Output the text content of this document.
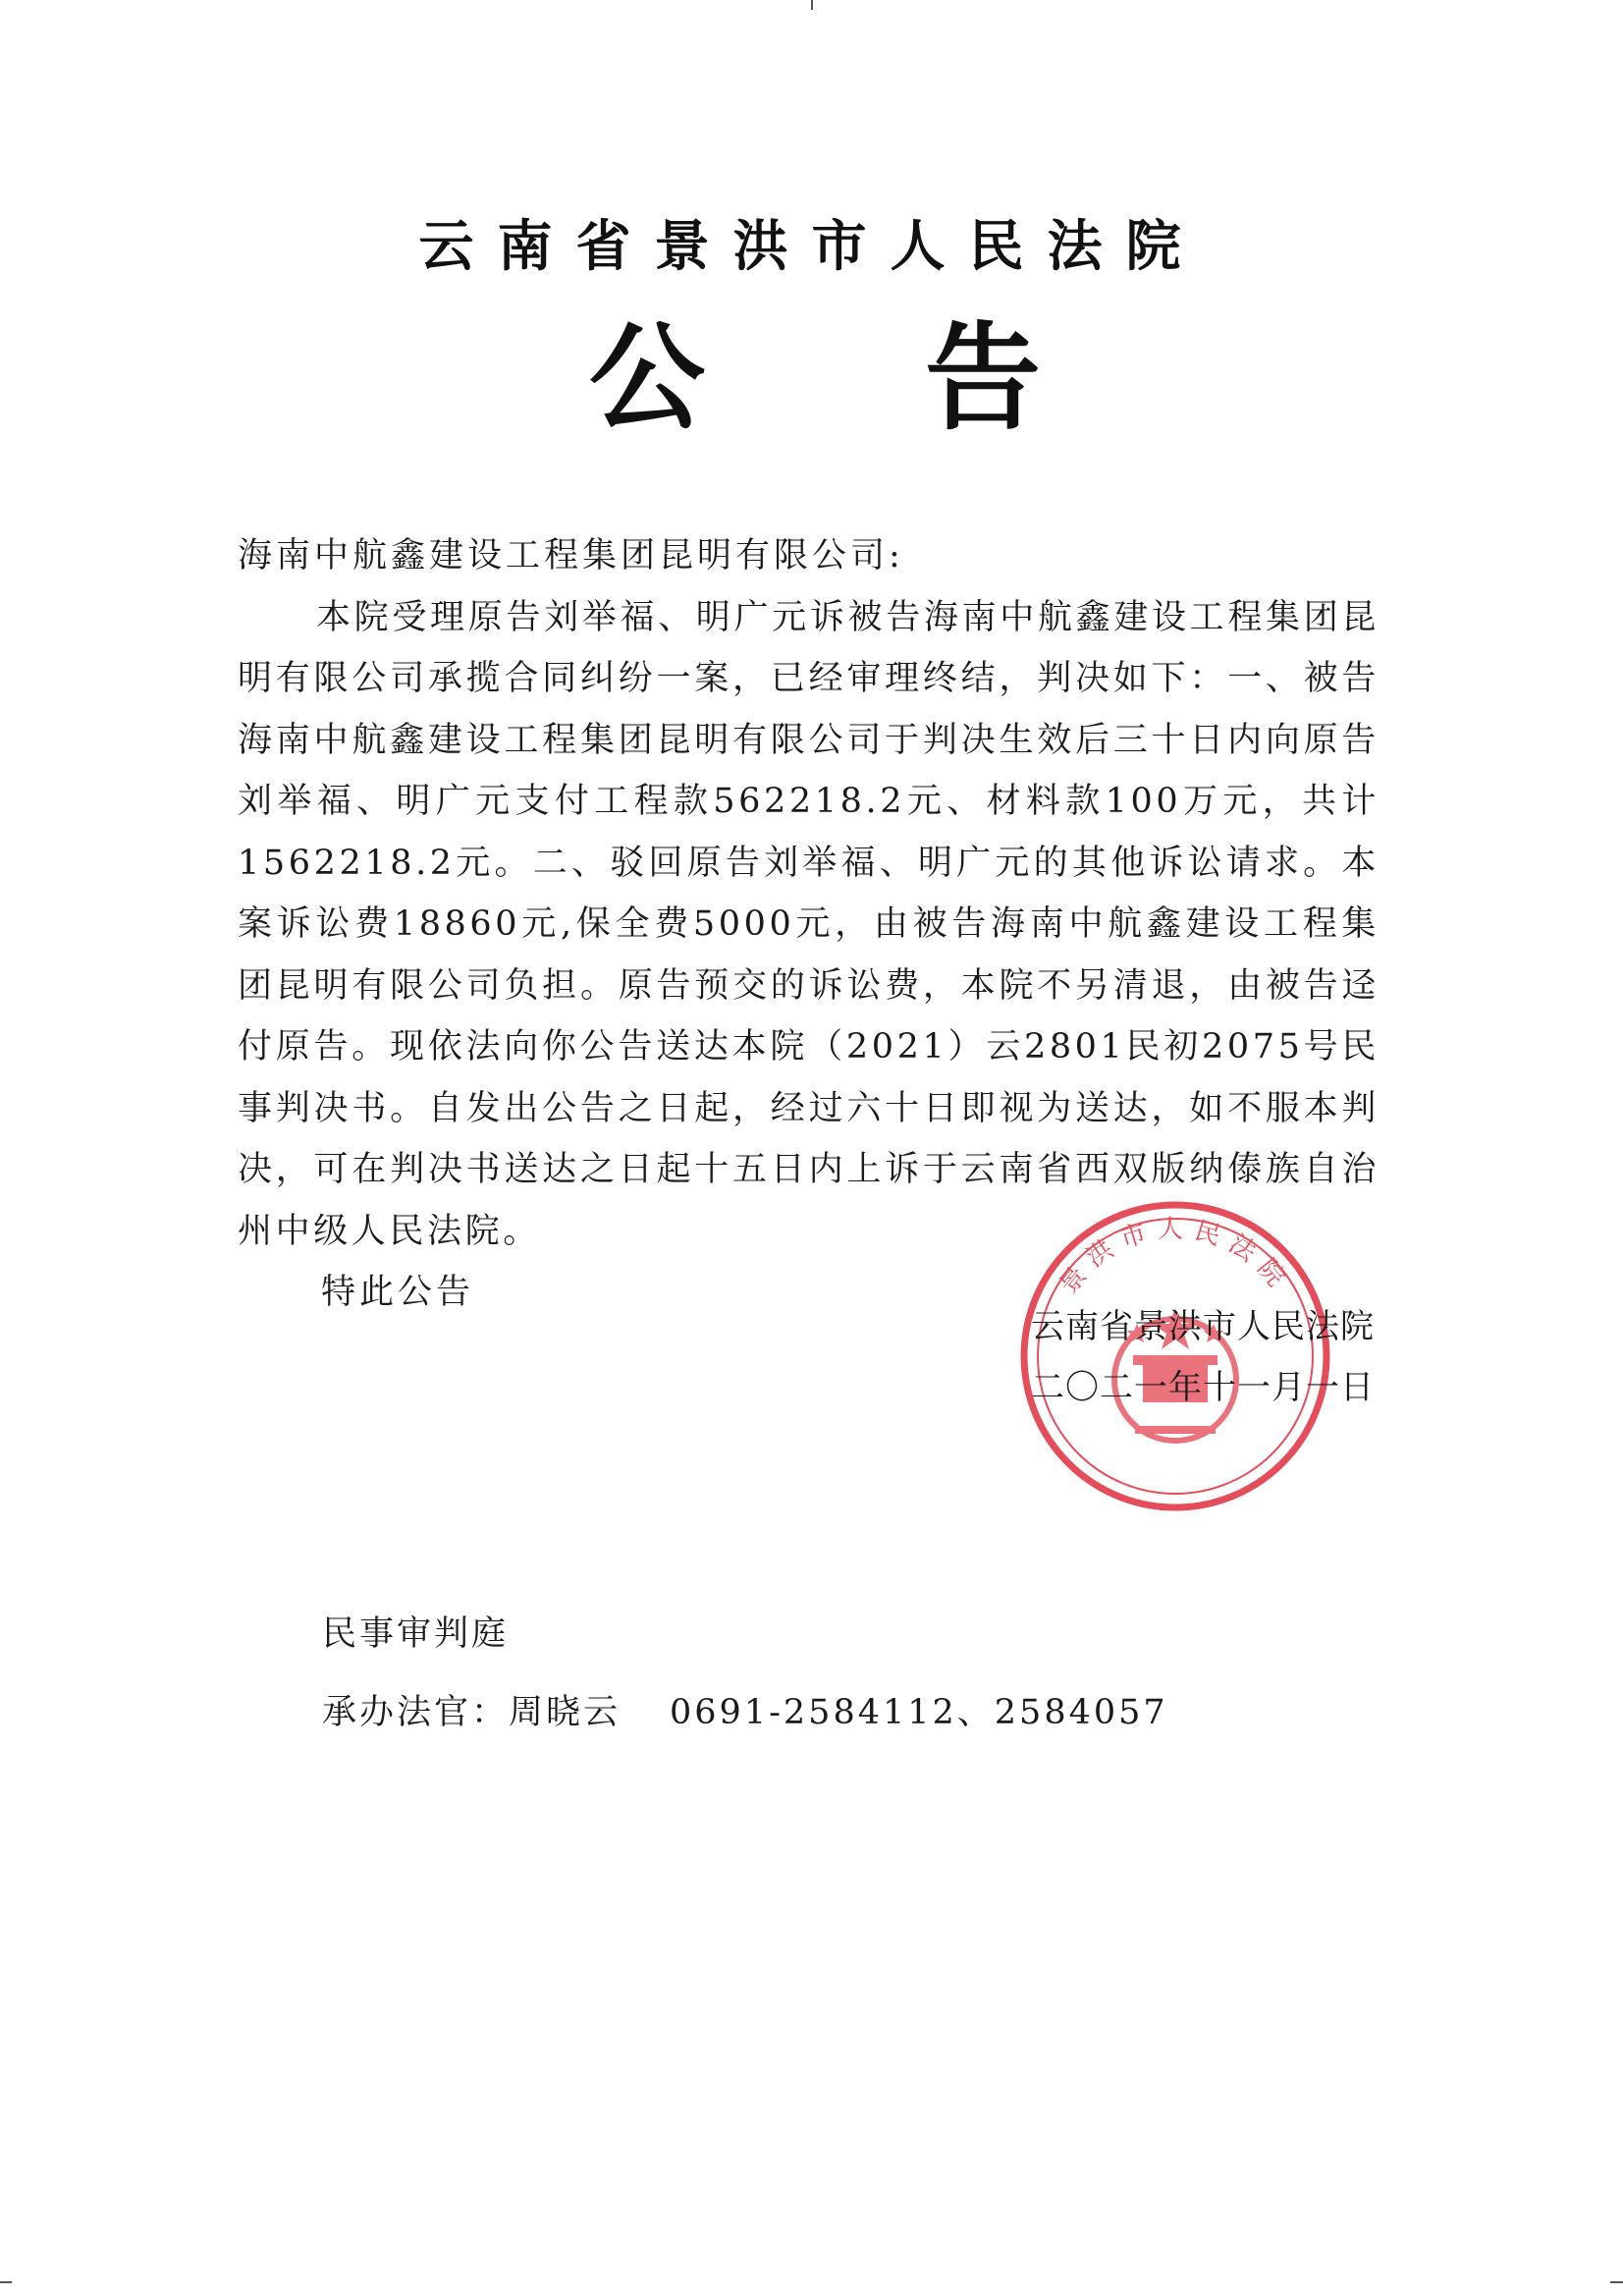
云南省景洪市人民法院
公 告

海南中航鑫建设工程集团昆明有限公司:

本院受理原告刘举福、明广元诉被告海南中航鑫建设工程集团昆明有限公司承揽合同纠纷一案，已经审理终结，判决如下：一、被告海南中航鑫建设工程集团昆明有限公司于判决生效后三十日内向原告刘举福、明广元支付工程款562218.2元、材料款100万元，共计1562218.2元。二、驳回原告刘举福、明广元的其他诉讼请求。本案诉讼费18860元,保全费5000元，由被告海南中航鑫建设工程集团昆明有限公司负担。原告预交的诉讼费，本院不另清退，由被告迳付原告。现依法向你公告送达本院（2021）云2801民初2075号民事判决书。自发出公告之日起，经过六十日即视为送达，如不服本判决，可在判决书送达之日起十五日内上诉于云南省西双版纳傣族自治州中级人民法院。

特此公告	景洪市人民法院
云南省景洪市人民法院
二〇二一年十一月一日
民事审判庭
承办法官：周晓云 0691-2584112、2584057
